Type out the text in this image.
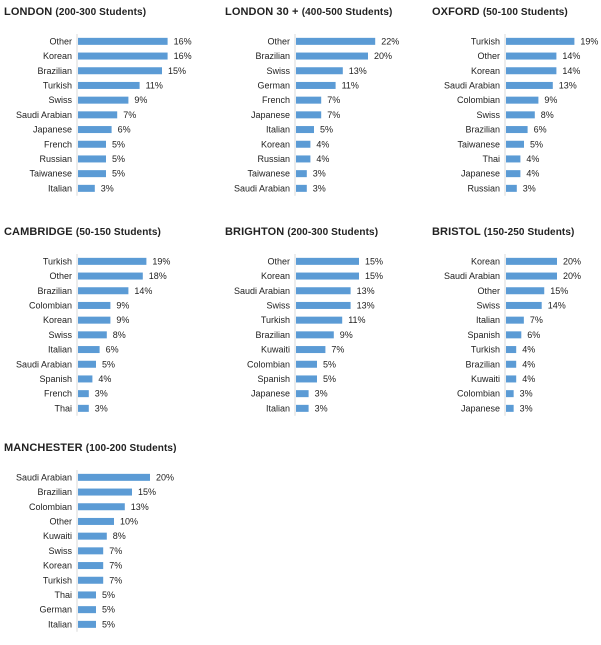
LONDON (200-300 Students)
Other	16%
Korean	16%
Brazilian	15%
Turkish	11%
Swiss	9%
Saudi Arabian	7%
Japanese	6%
French	5%
Russian	5%
Taiwanese	5%
Italian	3%
LONDON 30 + (400-500 Students)
Other	22%
Brazilian	20%
Swiss	13%
German	11%
French	7%
Japanese	7%
Italian	5%
Korean	4%
Russian	4%
Taiwanese	3%
Saudi Arabian	3%
OXFORD (50-100 Students)
Turkish	19%
Other	14%
Korean	14%
Saudi Arabian	13%
Colombian	9%
Swiss	8%
Brazilian	6%
Taiwanese	5%
Thai	4%
Japanese	4%
Russian	3%
CAMBRIDGE (50-150 Students)
Turkish	19%
Other	18%
Brazilian	14%
Colombian	9%
Korean	9%
Swiss	8%
Italian	6%
Saudi Arabian	5%
Spanish	4%
French	3%
Thai	3%
BRIGHTON (200-300 Students)
Other	15%
Korean	15%
Saudi Arabian	13%
Swiss	13%
Turkish	11%
Brazilian	9%
Kuwaiti	7%
Colombian	5%
Spanish	5%
Japanese	3%
Italian	3%
BRISTOL (150-250 Students)
Korean	20%
Saudi Arabian	20%
Other	15%
Swiss	14%
Italian	7%
Spanish	6%
Turkish 4%
Brazilian 4%
Kuwaiti 4%
Colombian 3%
Japanese 3%
MANCHESTER (100-200 Students)
Saudi Arabian	20%
Brazilian	15%
Colombian	13%
Other	10%
Kuwaiti	8%
Swiss	7%
Korean	7%
Turkish	7%
Thai	5%
German	5%
Italian	5%
